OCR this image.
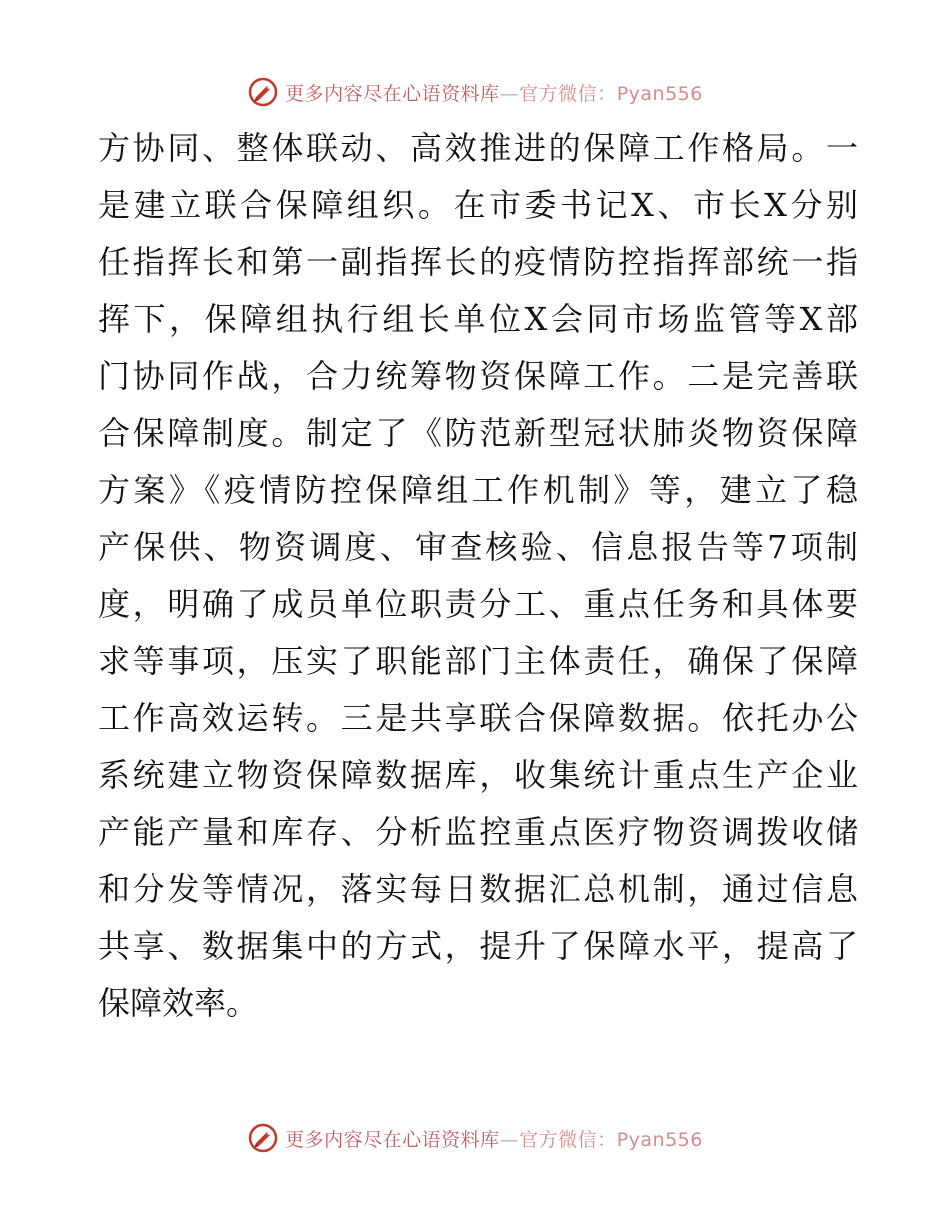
更多内容尽在心语资料库—官方微信：Pyan556
方协同、整体联动、高效推进的保障工作格局。一
是建立联合保障组织。在市委书记X、市长X分别
任指挥长和第一副指挥长的疫情防控指挥部统一指
挥下，保障组执行组长单位X会同市场监管等X部
门协同作战，合力统筹物资保障工作。二是完善联
合保障制度。制定了《防范新型冠状肺炎物资保障
方案》《疫情防控保障组工作机制》等，建立了稳
产保供、物资调度、审查核验、信息报告等7项制
度，明确了成员单位职责分工、重点任务和具体要
求等事项，压实了职能部门主体责任，确保了保障
工作高效运转。三是共享联合保障数据。依托办公
系统建立物资保障数据库，收集统计重点生产企业
产能产量和库存、分析监控重点医疗物资调拨收储
和分发等情况，落实每日数据汇总机制，通过信息
共享、数据集中的方式，提升了保障水平，提高了
保障效率。
更多内容尽在心语资料库—官方微信：Pyan556
